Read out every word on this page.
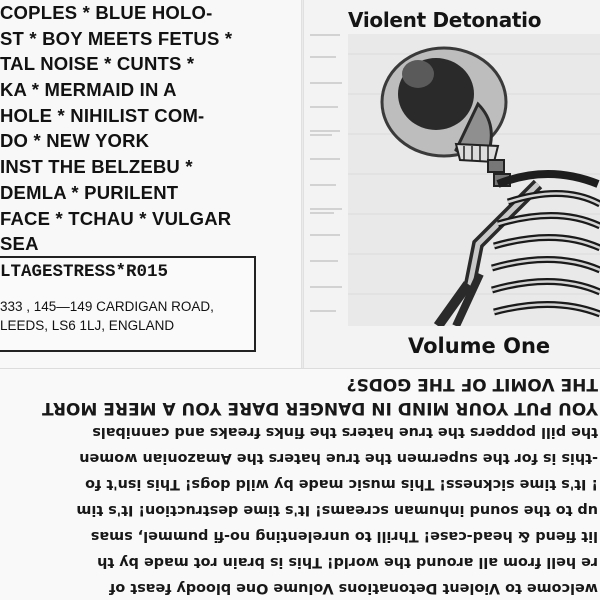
COPLES * BLUE HOLO-
ST * BOY MEETS FETUS *
TAL NOISE * CUNTS *
KA * MERMAID IN A
HOLE * NIHILIST COM-
DO * NEW YORK
INST THE BELZEBU *
DEMLA * PURILENT
FACE * TCHAU * VULGAR
SEA
LTAGESTRESS*R015
333 , 145—149 CARDIGAN ROAD,
LEEDS, LS6 1LJ, ENGLAND
Violent Detonatio
Volume One
welcome to Violent Detonations Volume One bloody feast of
re hell from all around the world! This is brain rot made by th
lit fiend & head-case! Thrill to unrelenting no-fi pummel, smas
up to the sound inhuman screams! It's time destruction! It's tim
! It's time sickness! This music made by wild dogs! This isn't fo
-this is for the supermen the true haters the Amazonian women
the pill poppers the true haters the finks freaks and cannibals
YOU PUT YOUR MIND IN DANGER DARE YOU A MERE MORT
THE VOMIT OF THE GODS?
